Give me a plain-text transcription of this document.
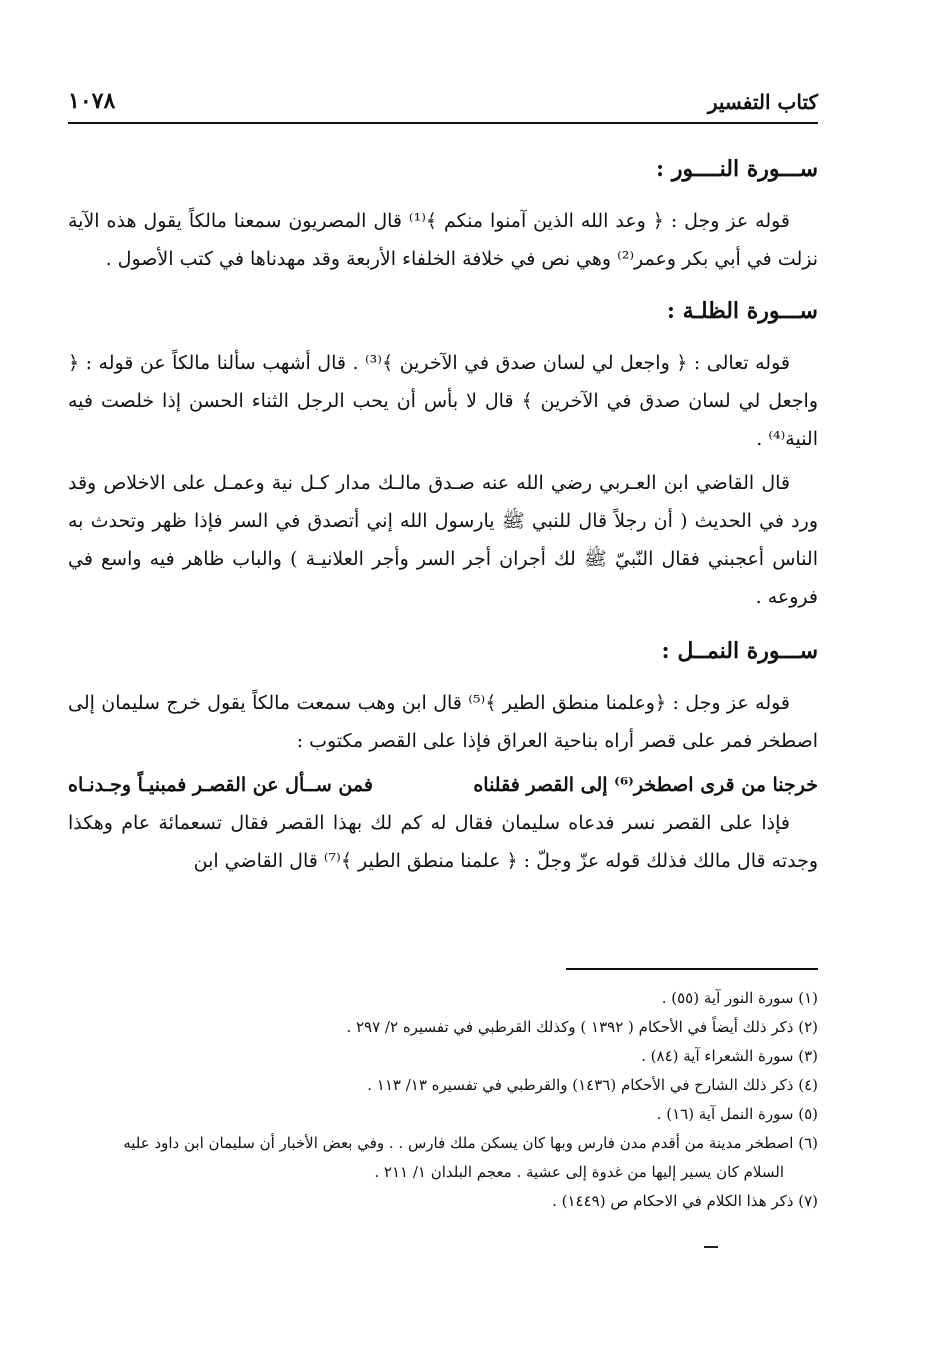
كتاب التفسير
١٠٧٨
ســـورة النــــور :

قوله عز وجل : ﴿ وعد الله الذين آمنوا منكم ﴾⁽¹⁾ قال المصريون سمعنا مالكاً يقول هذه الآية نزلت في أبي بكر وعمر⁽²⁾ وهي نص في خلافة الخلفاء الأربعة وقد مهدناها في كتب الأصول .

ســـورة الظلـة :

قوله تعالى : ﴿ واجعل لي لسان صدق في الآخرين ﴾⁽³⁾ . قال أشهب سألنا مالكاً عن قوله : ﴿ واجعل لي لسان صدق في الآخرين ﴾ قال لا بأس أن يحب الرجل الثناء الحسن إذا خلصت فيه النية⁽⁴⁾ .

قال القاضي ابن العـربي رضي الله عنه صـدق مالـك مدار كـل نية وعمـل على الاخلاص وقد ورد في الحديث ( أن رجلاً قال للنبي ﷺ يارسول الله إني أتصدق في السر فإذا ظهر وتحدث به الناس أعجبني فقال النّبيّ ﷺ لك أجران أجر السر وأجر العلانيـة ) والباب ظاهر فيه واسع في فروعه .

ســـورة النمــل :

قوله عز وجل : ﴿وعلمنا منطق الطير ﴾⁽⁵⁾ قال ابن وهب سمعت مالكاً يقول خرج سليمان إلى اصطخر فمر على قصر أراه بناحية العراق فإذا على القصر مكتوب :

خرجنا من قرى اصطخر⁽⁶⁾ إلى القصر فقلناه
فمن ســأل عن القصـر فمبنيـاً وجـدنـاه

فإذا على القصر نسر فدعاه سليمان فقال له كم لك بهذا القصر فقال تسعمائة عام وهكذا وجدته قال مالك فذلك قوله عزّ وجلّ : ﴿ علمنا منطق الطير ﴾⁽⁷⁾ قال القاضي ابن

(١) سورة النور آية (٥٥) .

(٢) ذكر ذلك أيضاً في الأحكام ( ١٣٩٢ ) وكذلك القرطبي في تفسيره ٢/ ٢٩٧ .

(٣) سورة الشعراء آية (٨٤) .

(٤) ذكر ذلك الشارح في الأحكام (١٤٣٦) والقرطبي في تفسيره ١٣/ ١١٣ .

(٥) سورة النمل آية (١٦) .

(٦) اصطخر مدينة من أقدم مدن فارس وبها كان يسكن ملك فارس . . وفي بعض الأخبار أن سليمان ابن داود عليه

السلام كان يسير إليها من غدوة إلى عشية . معجم البلدان ١/ ٢١١ .

(٧) ذكر هذا الكلام في الاحكام ص (١٤٤٩) .
